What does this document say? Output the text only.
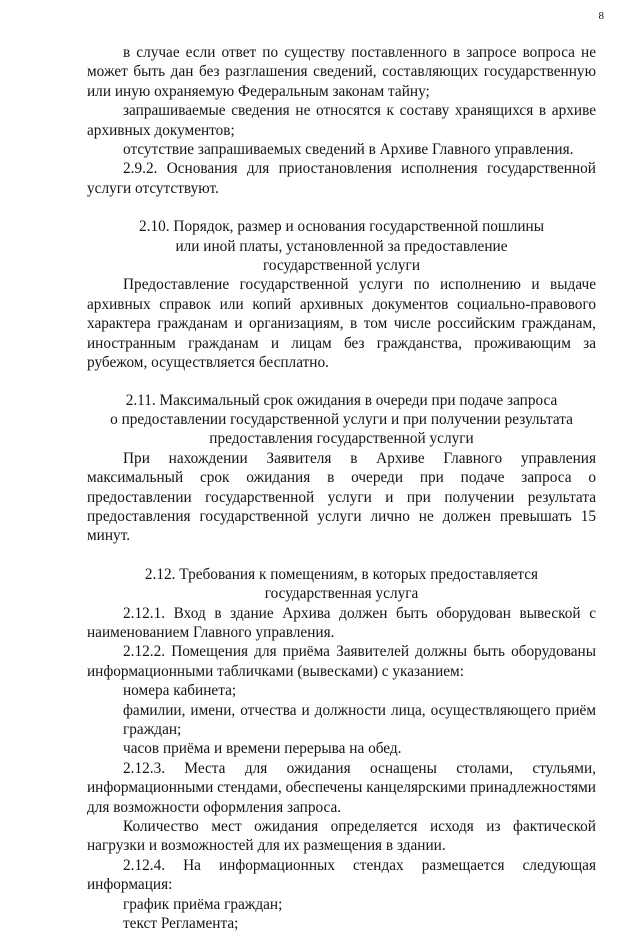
8

в случае если ответ по существу поставленного в запросе вопроса не может быть дан без разглашения сведений, составляющих государственную или иную охраняемую Федеральным законам тайну;

запрашиваемые сведения не относятся к составу хранящихся в архиве архивных документов;

отсутствие запрашиваемых сведений в Архиве Главного управления.

2.9.2. Основания для приостановления исполнения государственной услуги отсутствуют.

2.10. Порядок, размер и основания государственной пошлины

или иной платы, установленной за предоставление

государственной услуги

Предоставление государственной услуги по исполнению и выдаче архивных справок или копий архивных документов социально-правового характера гражданам и организациям, в том числе российским гражданам, иностранным гражданам и лицам без гражданства, проживающим за рубежом, осуществляется бесплатно.

2.11. Максимальный срок ожидания в очереди при подаче запроса

о предоставлении государственной услуги и при получении результата

предоставления государственной услуги

При нахождении Заявителя в Архиве Главного управления максимальный срок ожидания в очереди при подаче запроса о предоставлении государственной услуги и при получении результата предоставления государственной услуги лично не должен превышать 15 минут.

2.12. Требования к помещениям, в которых предоставляется

государственная услуга

2.12.1. Вход в здание Архива должен быть оборудован вывеской с наименованием Главного управления.

2.12.2. Помещения для приёма Заявителей должны быть оборудованы информационными табличками (вывесками) с указанием:

номера кабинета;

фамилии, имени, отчества и должности лица, осуществляющего приём граждан;

часов приёма и времени перерыва на обед.

2.12.3. Места для ожидания оснащены столами, стульями, информационными стендами, обеспечены канцелярскими принадлежностями для возможности оформления запроса.

Количество мест ожидания определяется исходя из фактической нагрузки и возможностей для их размещения в здании.

2.12.4. На информационных стендах размещается следующая информация:

график приёма граждан;

текст Регламента;
